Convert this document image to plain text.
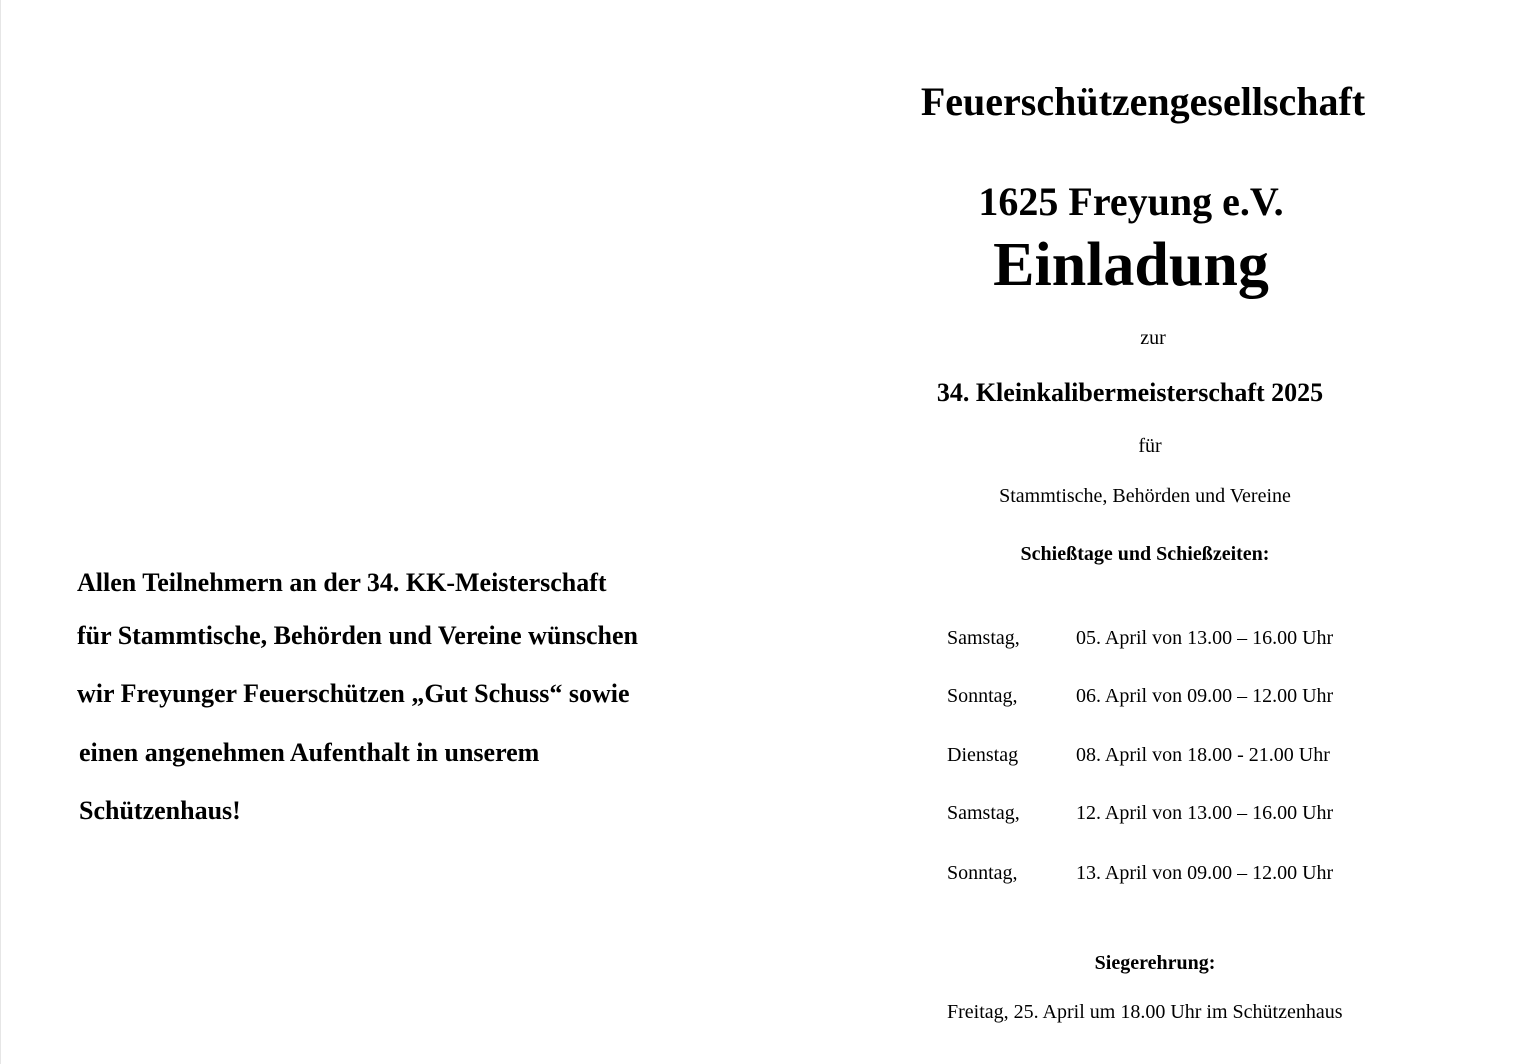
Allen Teilnehmern an der 34. KK-Meisterschaft
für Stammtische, Behörden und Vereine wünschen
wir Freyunger Feuerschützen „Gut Schuss“ sowie
einen angenehmen Aufenthalt in unserem
Schützenhaus!
Feuerschützengesellschaft
1625 Freyung e.V.
Einladung
zur
34. Kleinkalibermeisterschaft 2025
für
Stammtische, Behörden und Vereine
Schießtage und Schießzeiten:
Samstag,	05. April von 13.00 – 16.00 Uhr
Sonntag,	06. April von 09.00 – 12.00 Uhr
Dienstag	08. April von 18.00 - 21.00 Uhr
Samstag,	12. April von 13.00 – 16.00 Uhr
Sonntag,	13. April von 09.00 – 12.00 Uhr
Siegerehrung:
Freitag, 25. April um 18.00 Uhr im Schützenhaus
